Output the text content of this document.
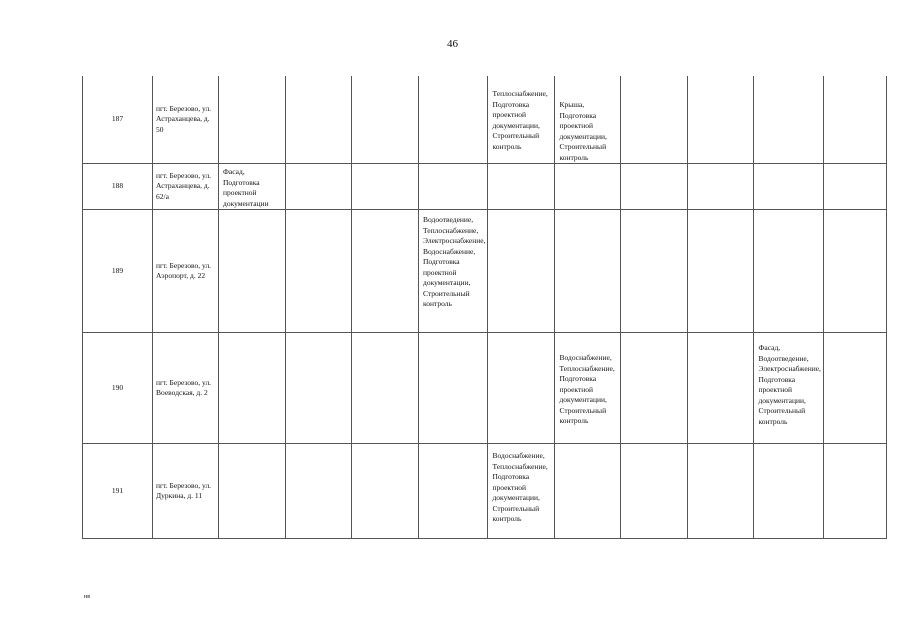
46
187	пгт. Березово, ул. Астраханцева, д. 50					Теплоснабжение, Подготовка проектной документации, Строительный контроль	Крыша, Подготовка проектной документации, Строительный контроль				
188	пгт. Березово, ул. Астраханцева, д. 62/а	Фасад, Подготовка проектной документации									
189	пгт. Березово, ул. Аэропорт, д. 22				Водоотведение, Теплоснабжение, Электроснабжение, Водоснабжение, Подготовка проектной документации, Строительный контроль						
190	пгт. Березово, ул. Воеводская, д. 2						Водоснабжение, Теплоснабжение, Подготовка проектной документации, Строительный контроль			Фасад, Водоотведение, Электроснабжение, Подготовка проектной документации, Строительный контроль	
191	пгт. Березово, ул. Дуркина, д. 11					Водоснабжение, Теплоснабжение, Подготовка проектной документации, Строительный контроль					
нв
